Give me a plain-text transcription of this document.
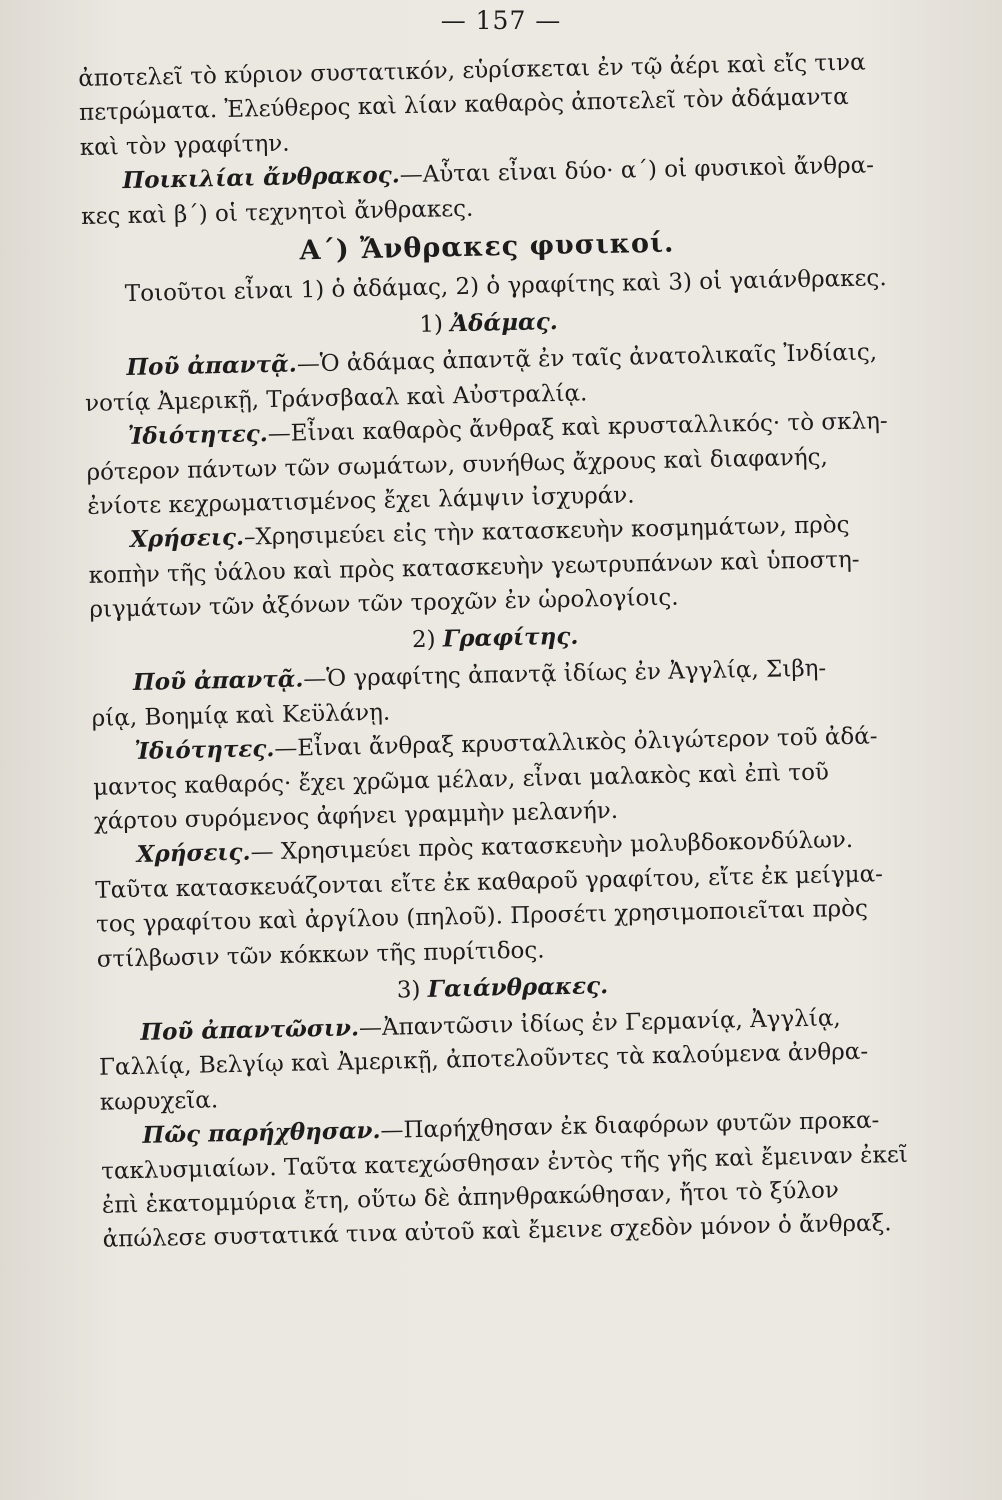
— 157 —
ἀποτελεῖ τὸ κύριον συστατικόν, εὑρίσκεται ἐν τῷ ἀέρι καὶ εἴς τινα
πετρώματα. Ἐλεύθερος καὶ λίαν καθαρὸς ἀποτελεῖ τὸν ἀδάμαντα
καὶ τὸν γραφίτην.
Ποικιλίαι ἄνθρακος.—Αὗται εἶναι δύο· α΄) οἱ φυσικοὶ ἄνθρα-
κες καὶ β΄) οἱ τεχνητοὶ ἄνθρακες.
Α΄) Ἄνθρακες φυσικοί.
Τοιοῦτοι εἶναι 1) ὁ ἀδάμας, 2) ὁ γραφίτης καὶ 3) οἱ γαιάνθρακες.
1) Ἀδάμας.
Ποῦ ἀπαντᾷ.—Ὁ ἀδάμας ἀπαντᾷ ἐν ταῖς ἀνατολικαῖς Ἰνδίαις,
νοτίᾳ Ἀμερικῇ, Τράνσβααλ καὶ Αὐστραλίᾳ.
Ἰδιότητες.—Εἶναι καθαρὸς ἄνθραξ καὶ κρυσταλλικός· τὸ σκλη-
ρότερον πάντων τῶν σωμάτων, συνήθως ἄχρους καὶ διαφανής,
ἐνίοτε κεχρωματισμένος ἔχει λάμψιν ἰσχυράν.
Χρήσεις.–Χρησιμεύει εἰς τὴν κατασκευὴν κοσμημάτων, πρὸς
κοπὴν τῆς ὑάλου καὶ πρὸς κατασκευὴν γεωτρυπάνων καὶ ὑποστη-
ριγμάτων τῶν ἀξόνων τῶν τροχῶν ἐν ὡρολογίοις.
2) Γραφίτης.
Ποῦ ἀπαντᾷ.—Ὁ γραφίτης ἀπαντᾷ ἰδίως ἐν Ἀγγλίᾳ, Σιβη-
ρίᾳ, Βοημίᾳ καὶ Κεϋλάνῃ.
Ἰδιότητες.—Εἶναι ἄνθραξ κρυσταλλικὸς ὀλιγώτερον τοῦ ἀδά-
μαντος καθαρός· ἔχει χρῶμα μέλαν, εἶναι μαλακὸς καὶ ἐπὶ τοῦ
χάρτου συρόμενος ἀφήνει γραμμὴν μελανήν.
Χρήσεις.— Χρησιμεύει πρὸς κατασκευὴν μολυβδοκονδύλων.
Ταῦτα κατασκευάζονται εἴτε ἐκ καθαροῦ γραφίτου, εἴτε ἐκ μείγμα-
τος γραφίτου καὶ ἀργίλου (πηλοῦ). Προσέτι χρησιμοποιεῖται πρὸς
στίλβωσιν τῶν κόκκων τῆς πυρίτιδος.
3) Γαιάνθρακες.
Ποῦ ἀπαντῶσιν.—Ἀπαντῶσιν ἰδίως ἐν Γερμανίᾳ, Ἀγγλίᾳ,
Γαλλίᾳ, Βελγίῳ καὶ Ἀμερικῇ, ἀποτελοῦντες τὰ καλούμενα ἀνθρα-
κωρυχεῖα.
Πῶς παρήχθησαν.—Παρήχθησαν ἐκ διαφόρων φυτῶν προκα-
τακλυσμιαίων. Ταῦτα κατεχώσθησαν ἐντὸς τῆς γῆς καὶ ἔμειναν ἐκεῖ
ἐπὶ ἑκατομμύρια ἔτη, οὕτω δὲ ἀπηνθρακώθησαν, ἤτοι τὸ ξύλον
ἀπώλεσε συστατικά τινα αὐτοῦ καὶ ἔμεινε σχεδὸν μόνον ὁ ἄνθραξ.
